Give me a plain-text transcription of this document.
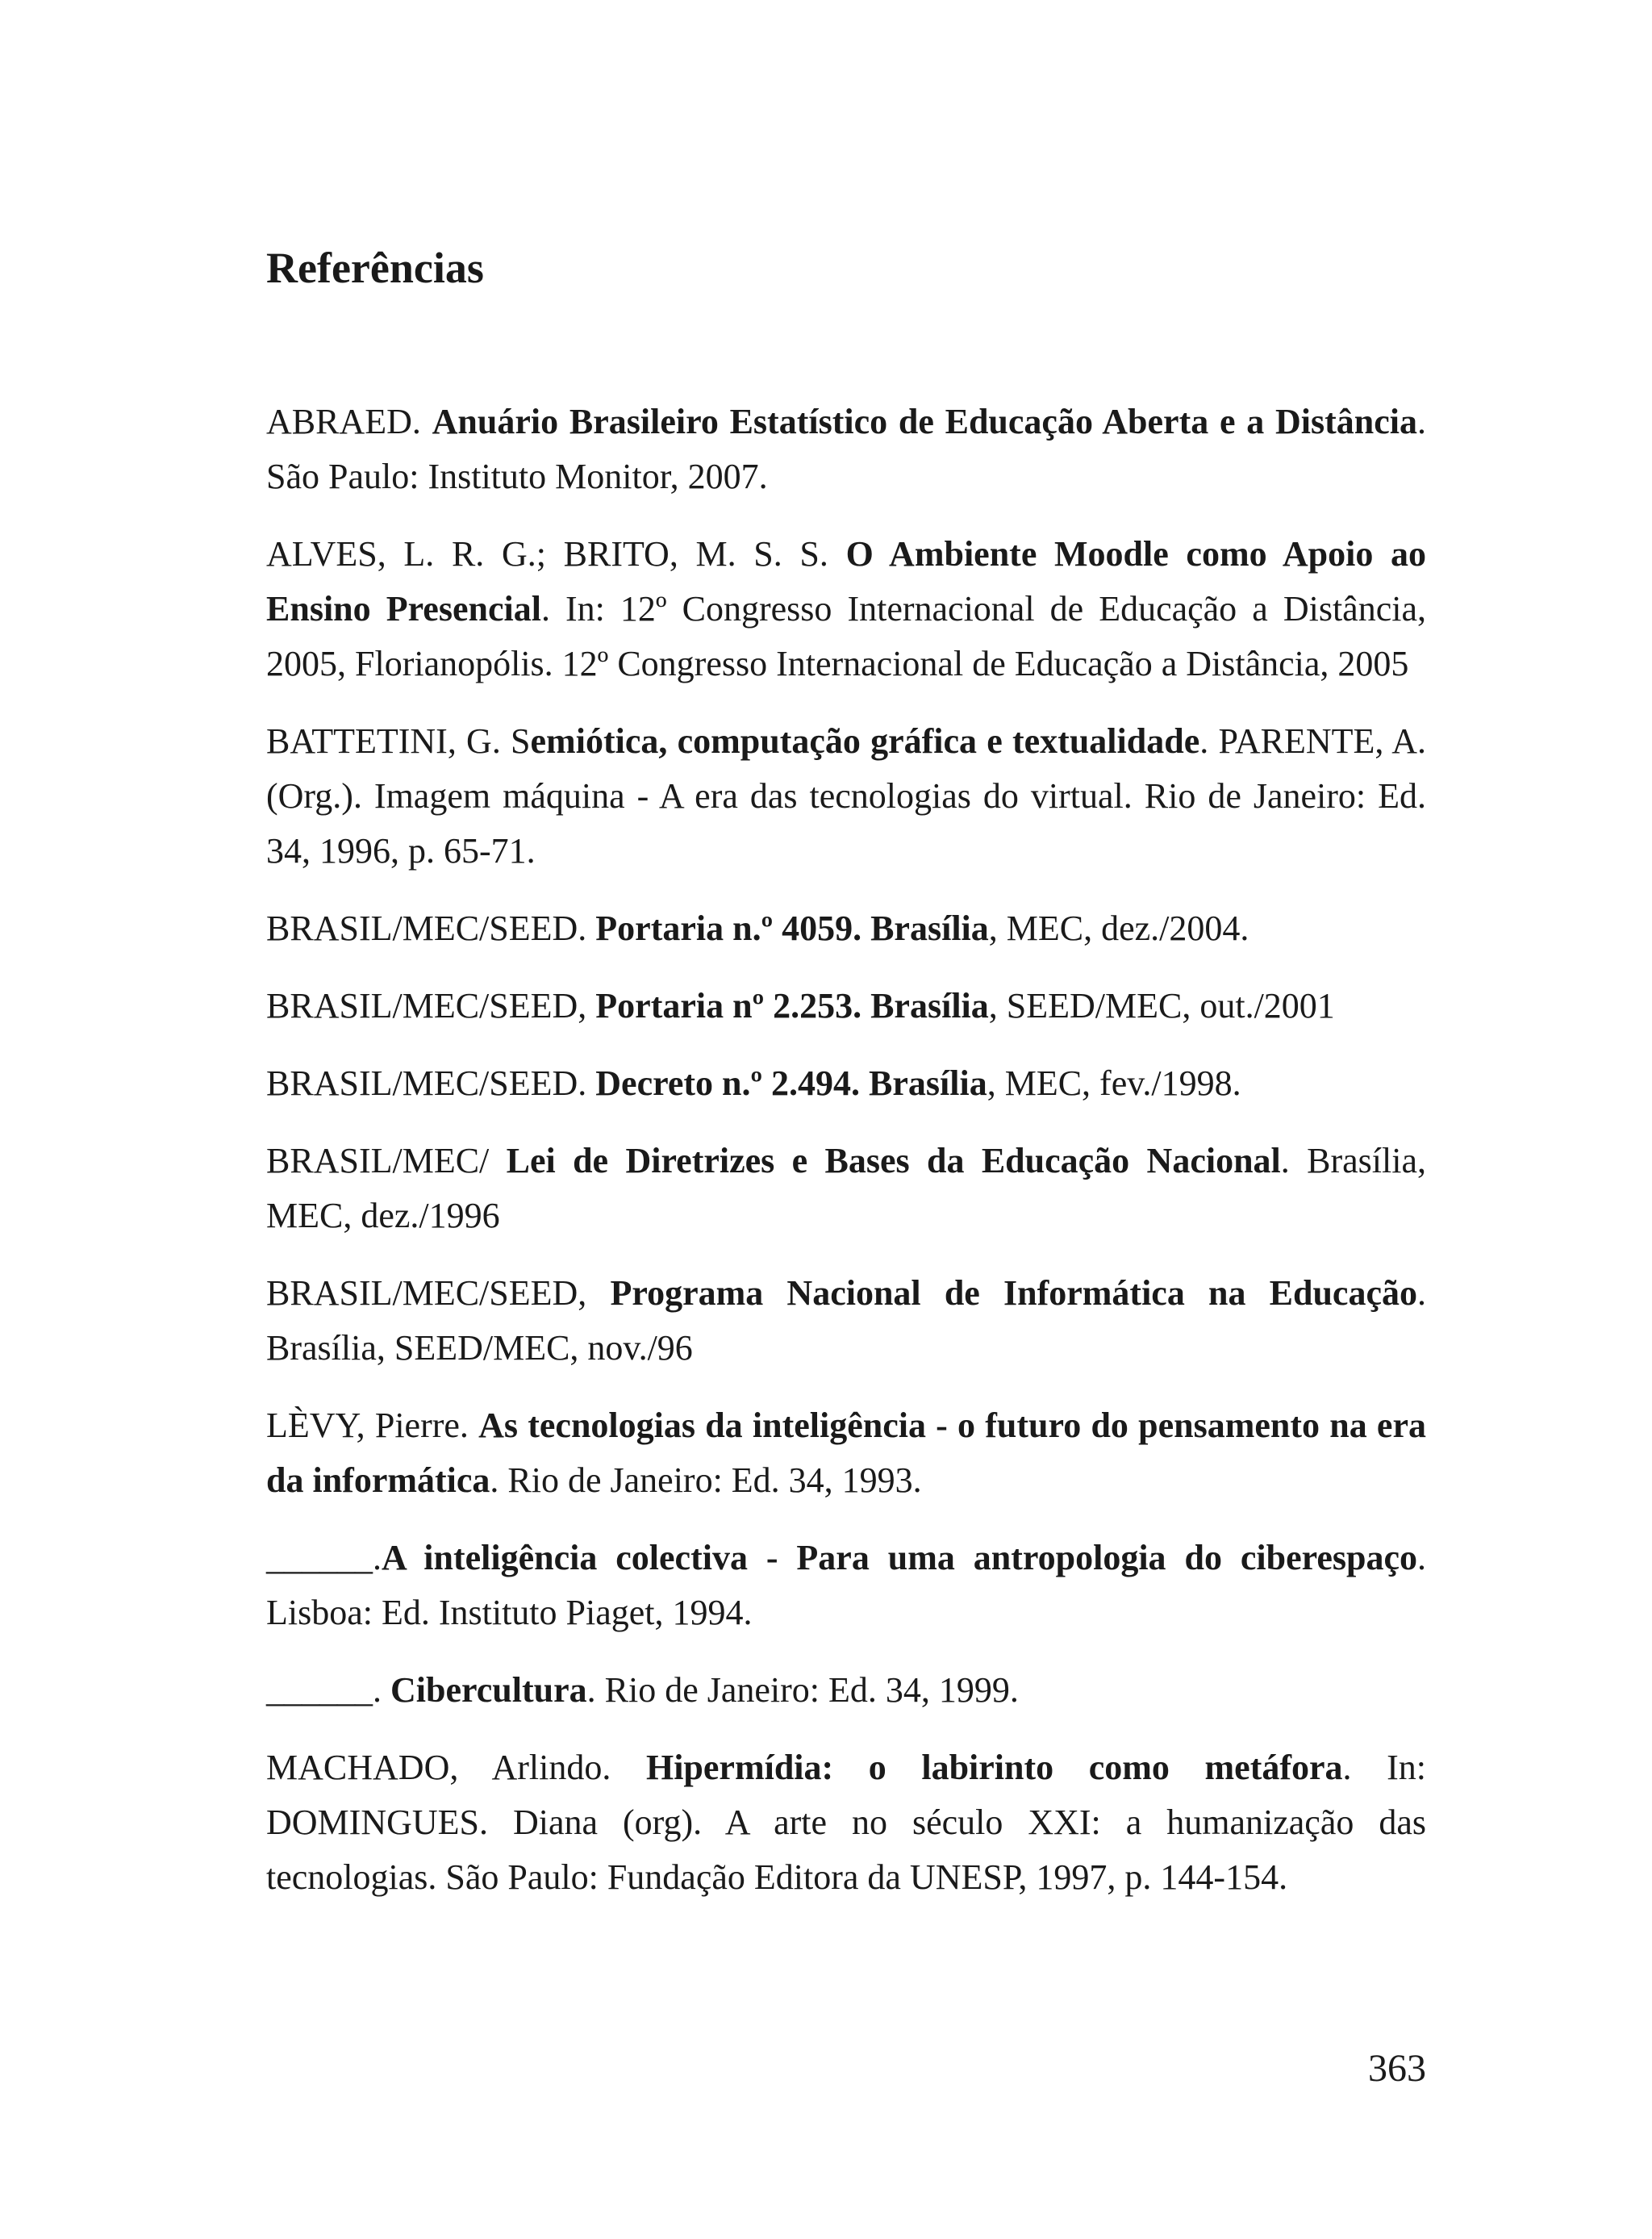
Referências

ABRAED. Anuário Brasileiro Estatístico de Educação Aberta e a Distância. São Paulo: Instituto Monitor, 2007.

ALVES, L. R. G.; BRITO, M. S. S. O Ambiente Moodle como Apoio ao Ensino Presencial. In: 12º Congresso Internacional de Educação a Distância, 2005, Florianopólis. 12º Congresso Internacional de Educação a Distância, 2005

BATTETINI, G. Semiótica, computação gráfica e textualidade. PARENTE, A. (Org.). Imagem máquina - A era das tecnologias do virtual. Rio de Janeiro: Ed. 34, 1996, p. 65-71.

BRASIL/MEC/SEED. Portaria n.º 4059. Brasília, MEC, dez./2004.

BRASIL/MEC/SEED, Portaria nº 2.253. Brasília, SEED/MEC, out./2001

BRASIL/MEC/SEED. Decreto n.º 2.494. Brasília, MEC, fev./1998.

BRASIL/MEC/ Lei de Diretrizes e Bases da Educação Nacional. Brasília, MEC, dez./1996

BRASIL/MEC/SEED, Programa Nacional de Informática na Educação. Brasília, SEED/MEC, nov./96

LÈVY, Pierre. As tecnologias da inteligência - o futuro do pensamento na era da informática. Rio de Janeiro: Ed. 34, 1993.

______.A inteligência colectiva - Para uma antropologia do ciberespaço. Lisboa: Ed. Instituto Piaget, 1994.

______. Cibercultura. Rio de Janeiro: Ed. 34, 1999.

MACHADO, Arlindo. Hipermídia: o labirinto como metáfora. In: DOMINGUES. Diana (org). A arte no século XXI: a humanização das tecnologias. São Paulo: Fundação Editora da UNESP, 1997, p. 144-154.

363
